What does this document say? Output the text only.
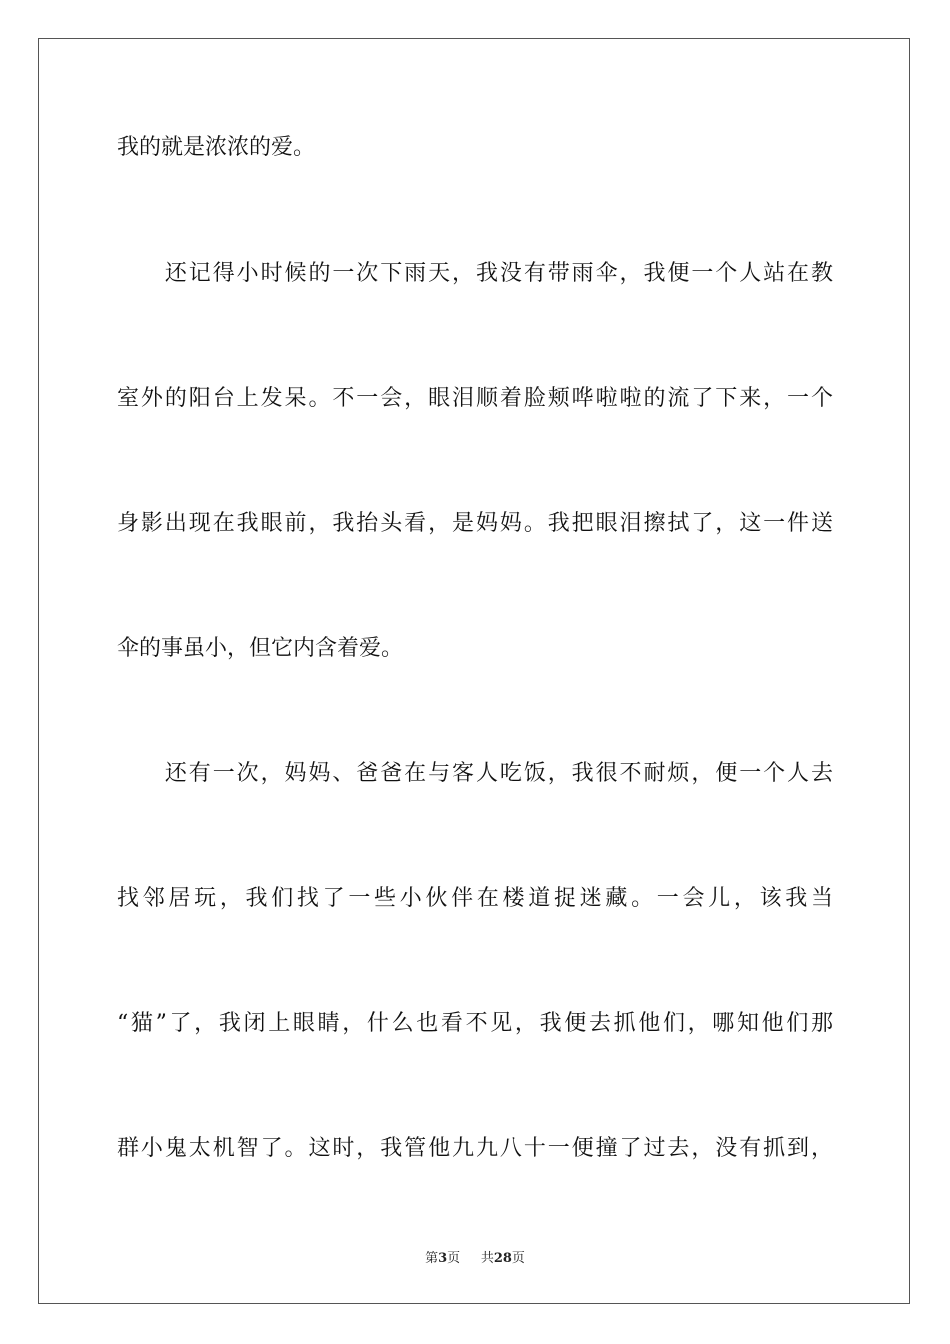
我的就是浓浓的爱。
　　还记得小时候的一次下雨天，我没有带雨伞，我便一个人站在教
室外的阳台上发呆。不一会，眼泪顺着脸颊哗啦啦的流了下来，一个
身影出现在我眼前，我抬头看，是妈妈。我把眼泪擦拭了，这一件送
伞的事虽小，但它内含着爱。
　　还有一次，妈妈、爸爸在与客人吃饭，我很不耐烦，便一个人去
找邻居玩，我们找了一些小伙伴在楼道捉迷藏。一会儿，该我当
“猫”了，我闭上眼睛，什么也看不见，我便去抓他们，哪知他们那
群小鬼太机智了。这时，我管他九九八十一便撞了过去，没有抓到，
第3页 共28页
